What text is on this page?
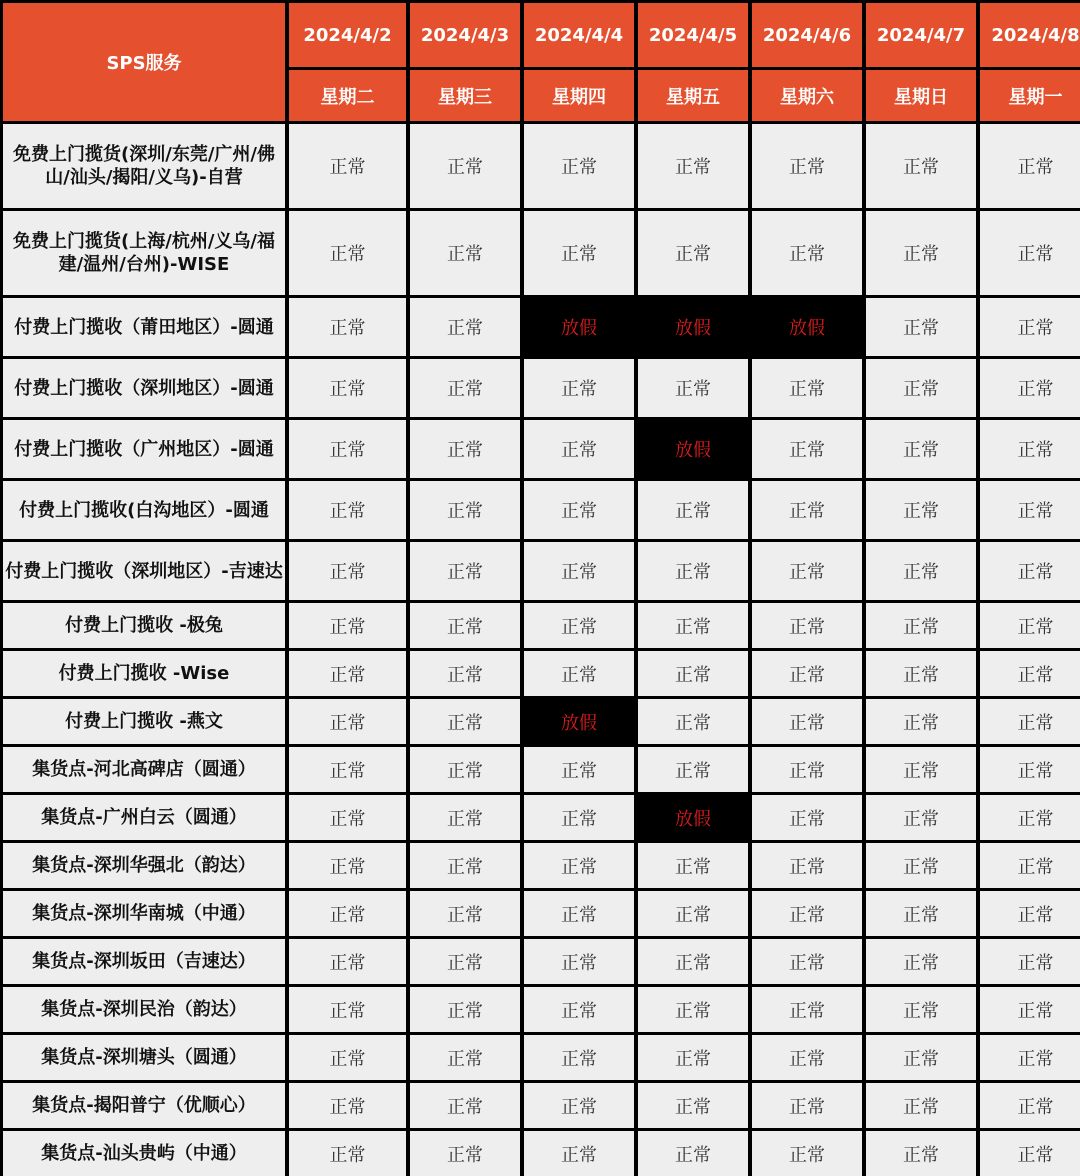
SPS服务
2024/4/2	2024/4/3	2024/4/4	2024/4/5	2024/4/6	2024/4/7	2024/4/8
星期二	星期三	星期四	星期五	星期六	星期日	星期一
免费上门揽货(深圳/东莞/广州/佛山/汕头/揭阳/义乌)-自营	正常	正常	正常	正常	正常	正常	正常
免费上门揽货(上海/杭州/义乌/福建/温州/台州)-WISE	正常	正常	正常	正常	正常	正常	正常
付费上门揽收（莆田地区）-圆通	正常	正常	放假	放假	放假	正常	正常
付费上门揽收（深圳地区）-圆通	正常	正常	正常	正常	正常	正常	正常
付费上门揽收（广州地区）-圆通	正常	正常	正常	放假	正常	正常	正常
付费上门揽收(白沟地区）-圆通	正常	正常	正常	正常	正常	正常	正常
付费上门揽收（深圳地区）-吉速达	正常	正常	正常	正常	正常	正常	正常
付费上门揽收 -极兔	正常	正常	正常	正常	正常	正常	正常
付费上门揽收 -Wise	正常	正常	正常	正常	正常	正常	正常
付费上门揽收 -燕文	正常	正常	放假	正常	正常	正常	正常
集货点-河北高碑店（圆通）	正常	正常	正常	正常	正常	正常	正常
集货点-广州白云（圆通）	正常	正常	正常	放假	正常	正常	正常
集货点-深圳华强北（韵达）	正常	正常	正常	正常	正常	正常	正常
集货点-深圳华南城（中通）	正常	正常	正常	正常	正常	正常	正常
集货点-深圳坂田（吉速达）	正常	正常	正常	正常	正常	正常	正常
集货点-深圳民治（韵达）	正常	正常	正常	正常	正常	正常	正常
集货点-深圳塘头（圆通）	正常	正常	正常	正常	正常	正常	正常
集货点-揭阳普宁（优顺心）	正常	正常	正常	正常	正常	正常	正常
集货点-汕头贵屿（中通）	正常	正常	正常	正常	正常	正常	正常
